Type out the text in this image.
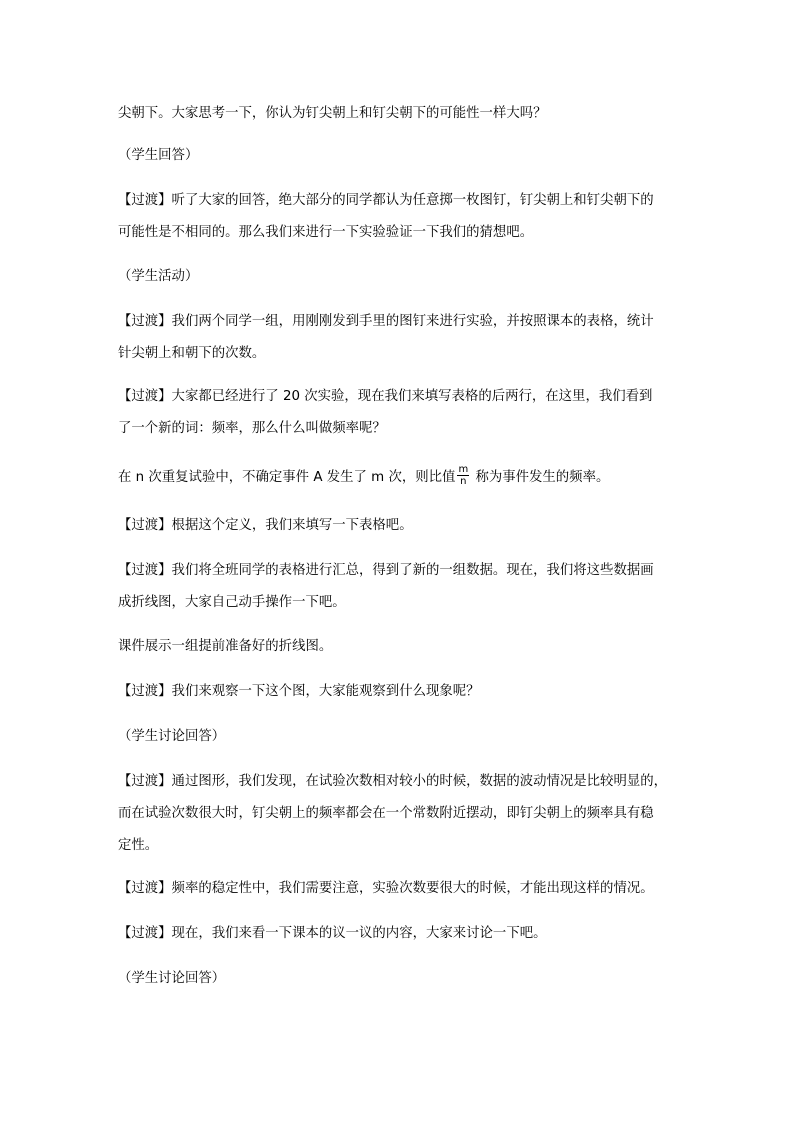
尖朝下。大家思考一下，你认为钉尖朝上和钉尖朝下的可能性一样大吗？
（学生回答）
【过渡】听了大家的回答，绝大部分的同学都认为任意掷一枚图钉，钉尖朝上和钉尖朝下的
可能性是不相同的。那么我们来进行一下实验验证一下我们的猜想吧。
（学生活动）
【过渡】我们两个同学一组，用刚刚发到手里的图钉来进行实验，并按照课本的表格，统计
针尖朝上和朝下的次数。
【过渡】大家都已经进行了 20 次实验，现在我们来填写表格的后两行，在这里，我们看到
了一个新的词：频率，那么什么叫做频率呢？
在 n 次重复试验中，不确定事件 A 发生了 m 次，则比值 $\frac{m}{n}$ 称为事件发生的频率。
【过渡】根据这个定义，我们来填写一下表格吧。
【过渡】我们将全班同学的表格进行汇总，得到了新的一组数据。现在，我们将这些数据画
成折线图，大家自己动手操作一下吧。
课件展示一组提前准备好的折线图。
【过渡】我们来观察一下这个图，大家能观察到什么现象呢？
（学生讨论回答）
【过渡】通过图形，我们发现，在试验次数相对较小的时候，数据的波动情况是比较明显的，
而在试验次数很大时，钉尖朝上的频率都会在一个常数附近摆动，即钉尖朝上的频率具有稳
定性。
【过渡】频率的稳定性中，我们需要注意，实验次数要很大的时候，才能出现这样的情况。
【过渡】现在，我们来看一下课本的议一议的内容，大家来讨论一下吧。
（学生讨论回答）
